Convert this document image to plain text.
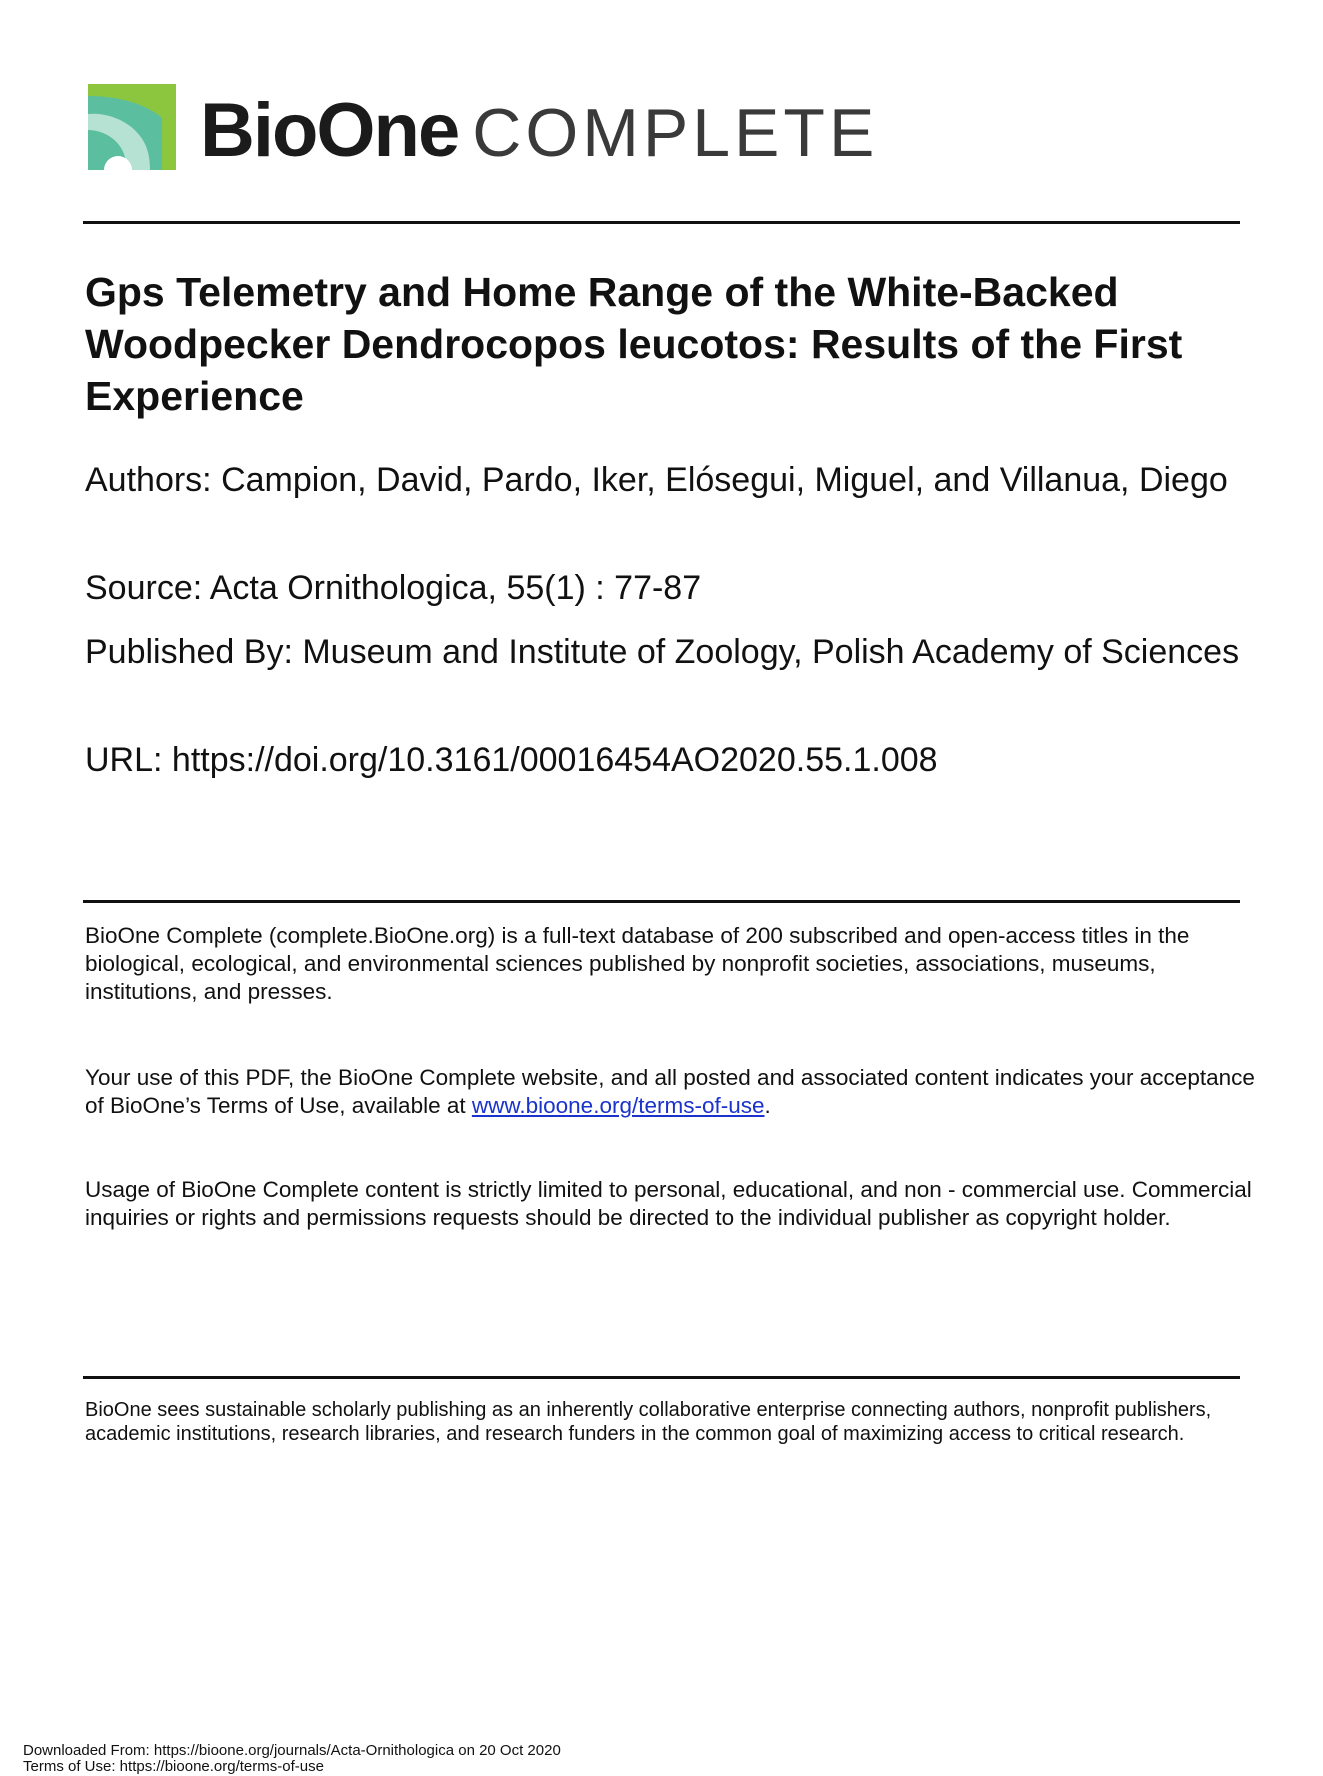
BioOne COMPLETE
Gps Telemetry and Home Range of the White-Backed Woodpecker Dendrocopos leucotos: Results of the First Experience

Authors: Campion, David, Pardo, Iker, Elósegui, Miguel, and Villanua, Diego

Source: Acta Ornithologica, 55(1) : 77-87

Published By: Museum and Institute of Zoology, Polish Academy of Sciences

URL: https://doi.org/10.3161/00016454AO2020.55.1.008

BioOne Complete (complete.BioOne.org) is a full-text database of 200 subscribed and open-access titles in the biological, ecological, and environmental sciences published by nonprofit societies, associations, museums, institutions, and presses.

Your use of this PDF, the BioOne Complete website, and all posted and associated content indicates your acceptance of BioOne’s Terms of Use, available at www.bioone.org/terms-of-use.

Usage of BioOne Complete content is strictly limited to personal, educational, and non - commercial use. Commercial inquiries or rights and permissions requests should be directed to the individual publisher as copyright holder.

BioOne sees sustainable scholarly publishing as an inherently collaborative enterprise connecting authors, nonprofit publishers, academic institutions, research libraries, and research funders in the common goal of maximizing access to critical research.

Downloaded From: https://bioone.org/journals/Acta-Ornithologica on 20 Oct 2020
Terms of Use: https://bioone.org/terms-of-use
